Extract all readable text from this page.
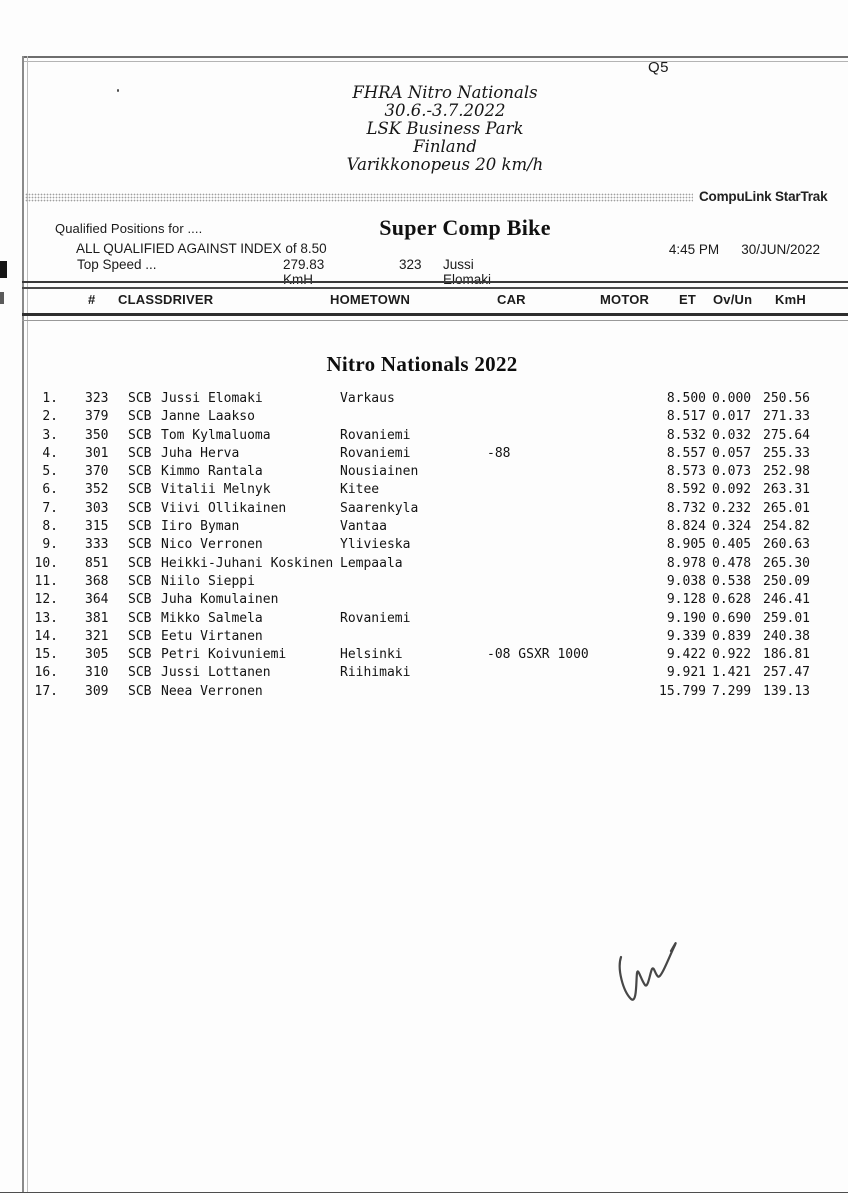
Q5
FHRA Nitro Nationals
30.6.-3.7.2022
LSK Business Park
Finland
Varikkonopeus 20 km/h
CompuLink StarTrak
Qualified Positions for ....	Super Comp Bike
ALL QUALIFIED AGAINST INDEX of 8.50	4:45 PM 30/JUN/2022
Top Speed ...	279.83 KmH
323 Jussi Elomaki
# CLASS DRIVER	HOMETOWN	CAR	MOTOR ET Ov/Un KmH
Nitro Nationals 2022
1. 323 SCB Jussi Elomaki	Varkaus	8.500 0.000 250.56
2. 379 SCB Janne Laakso	8.517 0.017 271.33
3. 350 SCB Tom Kylmaluoma	Rovaniemi	8.532 0.032 275.64
4. 301 SCB Juha Herva	Rovaniemi	-88	8.557 0.057 255.33
5. 370 SCB Kimmo Rantala	Nousiainen	8.573 0.073 252.98
6. 352 SCB Vitalii Melnyk	Kitee	8.592 0.092 263.31
7. 303 SCB Viivi Ollikainen	Saarenkyla	8.732 0.232 265.01
8. 315 SCB Iiro Byman	Vantaa	8.824 0.324 254.82
9. 333 SCB Nico Verronen	Ylivieska	8.905 0.405 260.63
10. 851 SCB Heikki-Juhani Koskinen Lempaala	8.978 0.478 265.30
11. 368 SCB Niilo Sieppi	9.038 0.538 250.09
12. 364 SCB Juha Komulainen	9.128 0.628 246.41
13. 381 SCB Mikko Salmela	Rovaniemi	9.190 0.690 259.01
14. 321 SCB Eetu Virtanen	9.339 0.839 240.38
15. 305 SCB Petri Koivuniemi	Helsinki	-08 GSXR 1000	9.422 0.922 186.81
16. 310 SCB Jussi Lottanen	Riihimaki	9.921 1.421 257.47
17. 309 SCB Neea Verronen	15.799 7.299 139.13
